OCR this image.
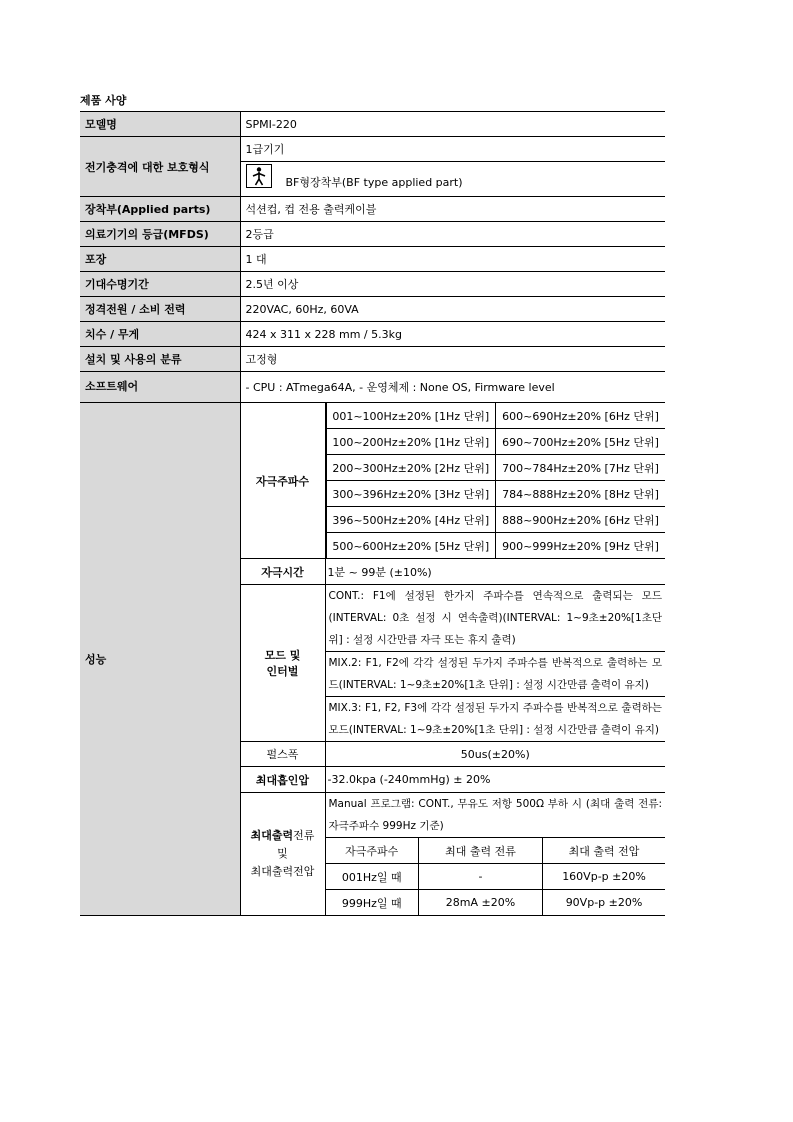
제품 사양
모델명	SPMI-220
전기충격에 대한 보호형식	1급기기
BF형장착부(BF type applied part)
장착부(Applied parts)	석션컵, 컵 전용 출력케이블
의료기기의 등급(MFDS)	2등급
포장	1 대
기대수명기간	2.5년 이상
정격전원 / 소비 전력	220VAC, 60Hz, 60VA
치수 / 무게	424 x 311 x 228 mm / 5.3kg
설치 및 사용의 분류	고정형
소프트웨어	- CPU : ATmega64A, - 운영체제 : None OS, Firmware level
성능	자극주파수	
001~100Hz±20% [1Hz 단위]	600~690Hz±20% [6Hz 단위]
100~200Hz±20% [1Hz 단위]	690~700Hz±20% [5Hz 단위]
200~300Hz±20% [2Hz 단위]	700~784Hz±20% [7Hz 단위]
300~396Hz±20% [3Hz 단위]	784~888Hz±20% [8Hz 단위]
396~500Hz±20% [4Hz 단위]	888~900Hz±20% [6Hz 단위]
500~600Hz±20% [5Hz 단위]	900~999Hz±20% [9Hz 단위]

자극시간	1분 ~ 99분 (±10%)
모드 및
인터벌	
CONT.: F1에 설정된 한가지 주파수를 연속적으로 출력되는 모드(INTERVAL: 0초 설정 시 연속출력)(INTERVAL: 1~9초±20%[1초단위] : 설정 시간만큼 자극 또는 휴지 출력)
MIX.2: F1, F2에 각각 설정된 두가지 주파수를 반복적으로 출력하는 모드(INTERVAL: 1~9초±20%[1초 단위] : 설정 시간만큼 출력이 유지)
MIX.3: F1, F2, F3에 각각 설정된 두가지 주파수를 반복적으로 출력하는 모드(INTERVAL: 1~9초±20%[1초 단위] : 설정 시간만큼 출력이 유지)

펄스폭	50us(±20%)
최대흡인압	-32.0kpa (-240mmHg) ± 20%
최대출력전류
및
최대출력전압	
Manual 프로그램: CONT., 무유도 저항 500Ω 부하 시 (최대 출력 전류: 자극주파수 999Hz 기준)
자극주파수	최대 출력 전류	최대 출력 전압
001Hz일 때	-	160Vp-p ±20%
999Hz일 때	28mA ±20%	90Vp-p ±20%
